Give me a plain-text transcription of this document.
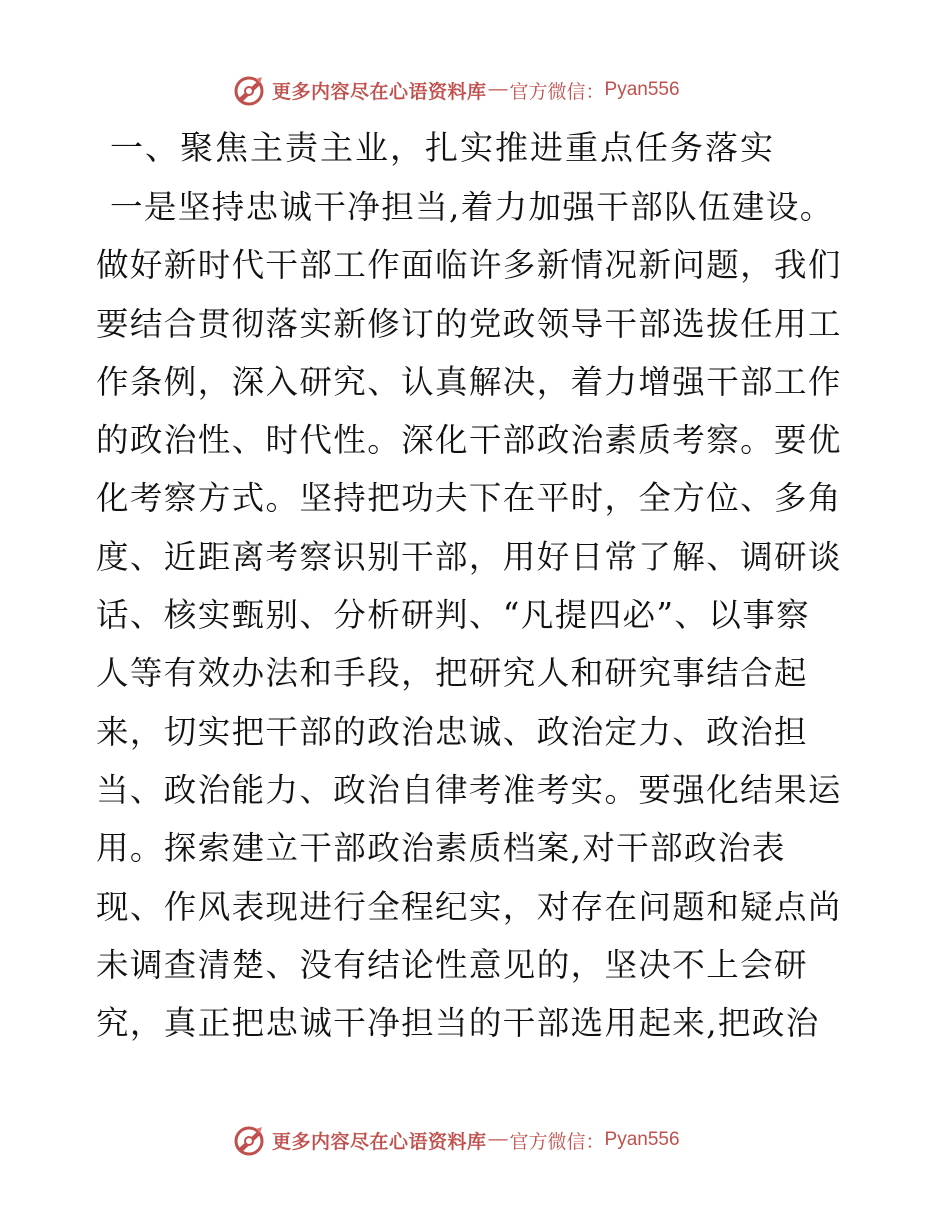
更多内容尽在心语资料库 — 官方微信： Pyan556
一、聚焦主责主业，扎实推进重点任务落实
一是坚持忠诚干净担当,着力加强干部队伍建设。
做好新时代干部工作面临许多新情况新问题，我们
要结合贯彻落实新修订的党政领导干部选拔任用工
作条例，深入研究、认真解决，着力增强干部工作
的政治性、时代性。深化干部政治素质考察。要优
化考察方式。坚持把功夫下在平时，全方位、多角
度、近距离考察识别干部，用好日常了解、调研谈
话、核实甄别、分析研判、“凡提四必”、以事察
人等有效办法和手段，把研究人和研究事结合起
来，切实把干部的政治忠诚、政治定力、政治担
当、政治能力、政治自律考准考实。要强化结果运
用。探索建立干部政治素质档案,对干部政治表
现、作风表现进行全程纪实，对存在问题和疑点尚
未调查清楚、没有结论性意见的，坚决不上会研
究，真正把忠诚干净担当的干部选用起来,把政治
更多内容尽在心语资料库 — 官方微信： Pyan556
